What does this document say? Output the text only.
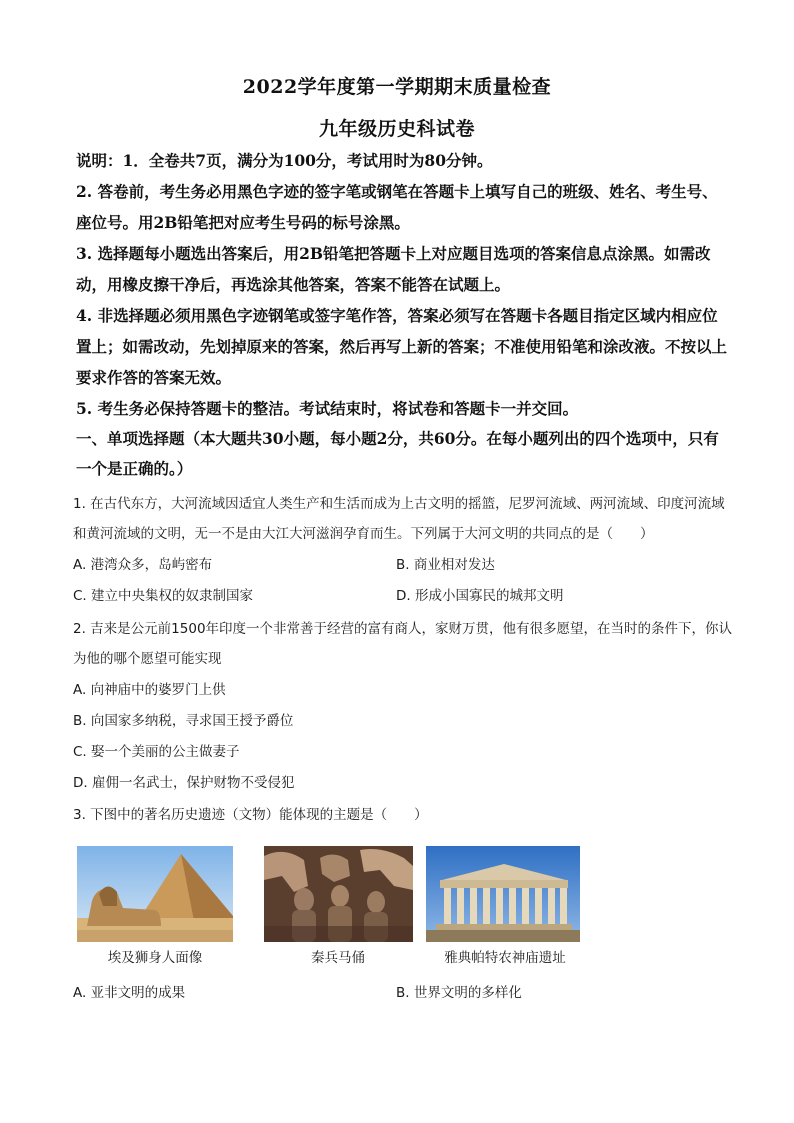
2022学年度第一学期期末质量检查
九年级历史科试卷
说明：1．全卷共7页，满分为100分，考试用时为80分钟。
2. 答卷前，考生务必用黑色字迹的签字笔或钢笔在答题卡上填写自己的班级、姓名、考生号、座位号。用2B铅笔把对应考生号码的标号涂黑。
3. 选择题每小题选出答案后，用2B铅笔把答题卡上对应题目选项的答案信息点涂黑。如需改动，用橡皮擦干净后，再选涂其他答案，答案不能答在试题上。
4. 非选择题必须用黑色字迹钢笔或签字笔作答，答案必须写在答题卡各题目指定区域内相应位置上；如需改动，先划掉原来的答案，然后再写上新的答案；不准使用铅笔和涂改液。不按以上要求作答的答案无效。
5. 考生务必保持答题卡的整洁。考试结束时，将试卷和答题卡一并交回。
一、单项选择题（本大题共30小题，每小题2分，共60分。在每小题列出的四个选项中，只有一个是正确的。）
1. 在古代东方，大河流域因适宜人类生产和生活而成为上古文明的摇篮，尼罗河流域、两河流域、印度河流域和黄河流域的文明，无一不是由大江大河滋润孕育而生。下列属于大河文明的共同点的是（　　）
A. 港湾众多，岛屿密布	B. 商业相对发达
C. 建立中央集权的奴隶制国家	D. 形成小国寡民的城邦文明
2. 吉来是公元前1500年印度一个非常善于经营的富有商人，家财万贯，他有很多愿望，在当时的条件下，你认为他的哪个愿望可能实现
A. 向神庙中的婆罗门上供
B. 向国家多纳税，寻求国王授予爵位
C. 娶一个美丽的公主做妻子
D. 雇佣一名武士，保护财物不受侵犯
3. 下图中的著名历史遗迹（文物）能体现的主题是（　　）
埃及狮身人面像	秦兵马俑	雅典帕特农神庙遗址
A. 亚非文明的成果	B. 世界文明的多样化
